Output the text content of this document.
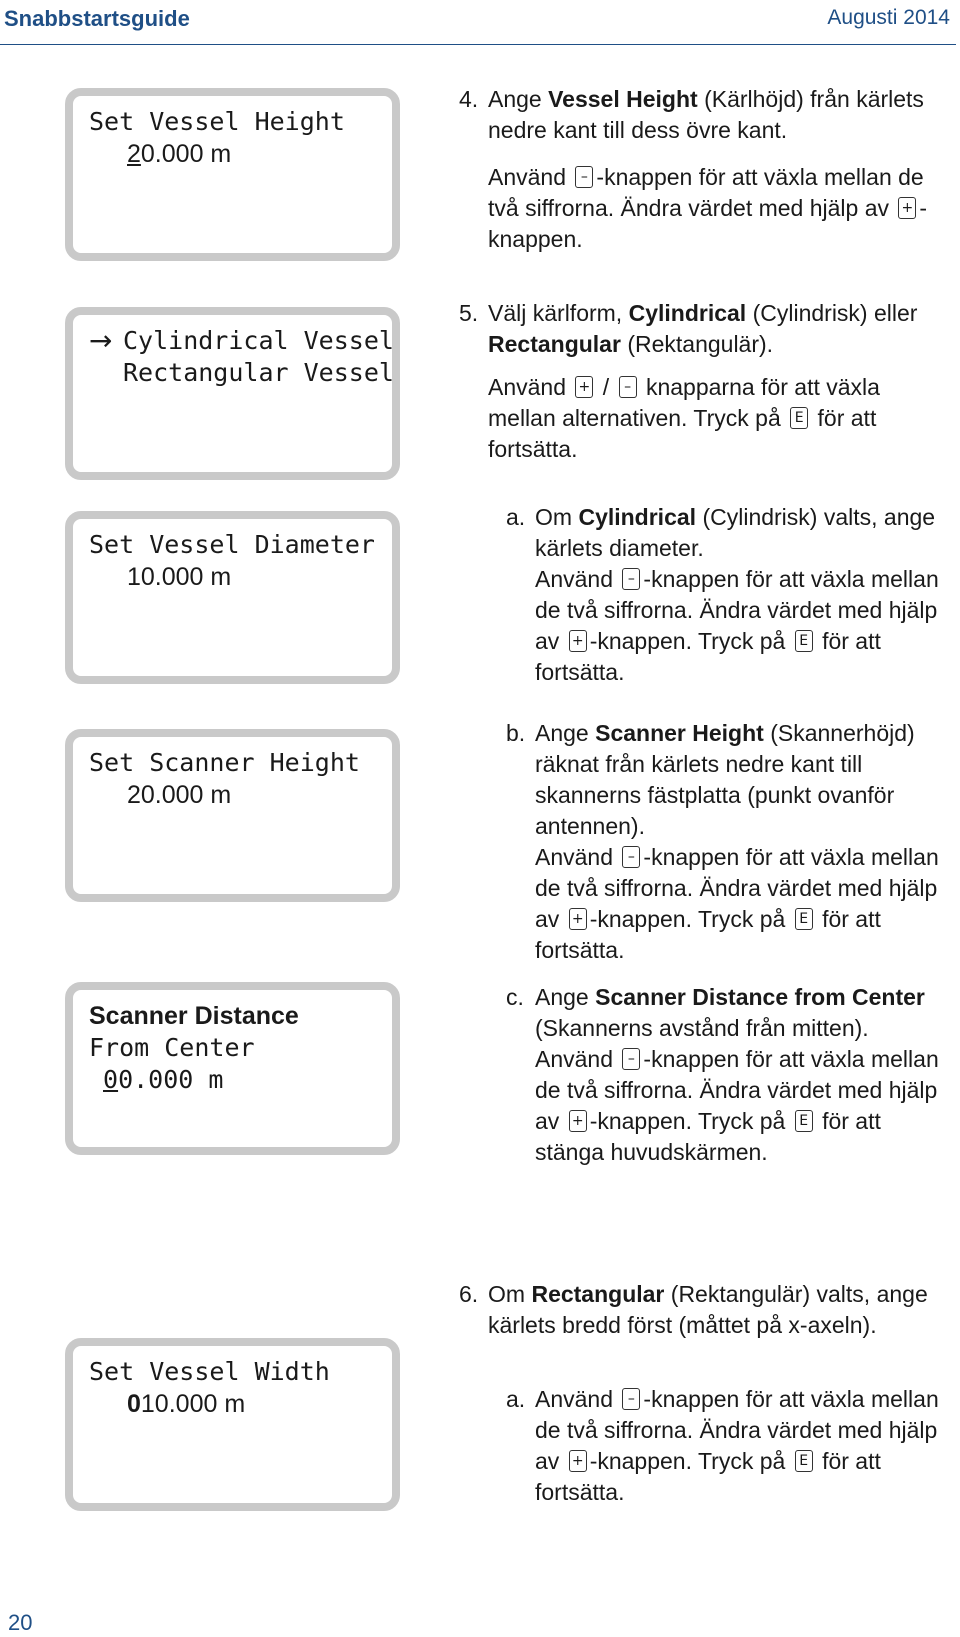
Snabbstartsguide	Augusti 2014
Set Vessel Height
20.000 m
→ Cylindrical Vessel
Rectangular Vessel
Set Vessel Diameter
10.000 m
Set Scanner Height
20.000 m
Scanner Distance
From Center
00.000 m
Set Vessel Width
010.000 m
4. Ange Vessel Height (Kärlhöjd) från kärlets nedre kant till dess övre kant.

Använd – -knappen för att växla mellan de två siffrorna. Ändra värdet med hjälp av + -knappen.

5. Välj kärlform, Cylindrical (Cylindrisk) eller Rectangular (Rektangulär).

Använd + / – knapparna för att växla mellan alternativen. Tryck på E för att fortsätta.

a. Om Cylindrical (Cylindrisk) valts, ange kärlets diameter.

Använd – -knappen för att växla mellan de två siffrorna. Ändra värdet med hjälp av + -knappen. Tryck på E för att fortsätta.

b. Ange Scanner Height (Skannerhöjd) räknat från kärlets nedre kant till skannerns fästplatta (punkt ovanför antennen).

Använd – -knappen för att växla mellan de två siffrorna. Ändra värdet med hjälp av + -knappen. Tryck på E för att fortsätta.

c. Ange Scanner Distance from Center (Skannerns avstånd från mitten).

Använd – -knappen för att växla mellan de två siffrorna. Ändra värdet med hjälp av + -knappen. Tryck på E för att stänga huvudskärmen.

6. Om Rectangular (Rektangulär) valts, ange kärlets bredd först (måttet på x-axeln).

a. Använd – -knappen för att växla mellan de två siffrorna. Ändra värdet med hjälp av + -knappen. Tryck på E för att fortsätta.

20
